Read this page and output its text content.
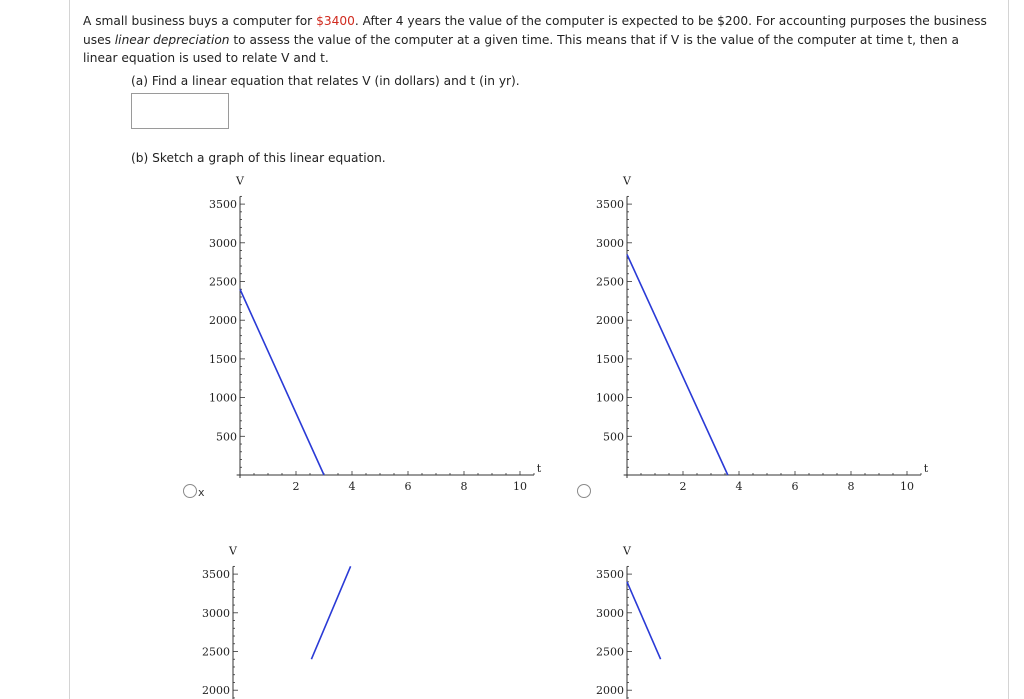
A small business buys a computer for $3400. After 4 years the value of the computer is expected to be $200. For accounting purposes the business uses linear depreciation to assess the value of the computer at a given time. This means that if V is the value of the computer at time t, then a linear equation is used to relate V and t.
(a) Find a linear equation that relates V (in dollars) and t (in yr).
(b) Sketch a graph of this linear equation.
x	2	4	6	8	10
500
1000
1500
2000
2500
3000
3500
t
V
2	4	6	8	10
500
1000
1500
2000
2500
3000
3500
t
V
2000
2500
3000
3500
V
2000
2500
3000
3500
V
